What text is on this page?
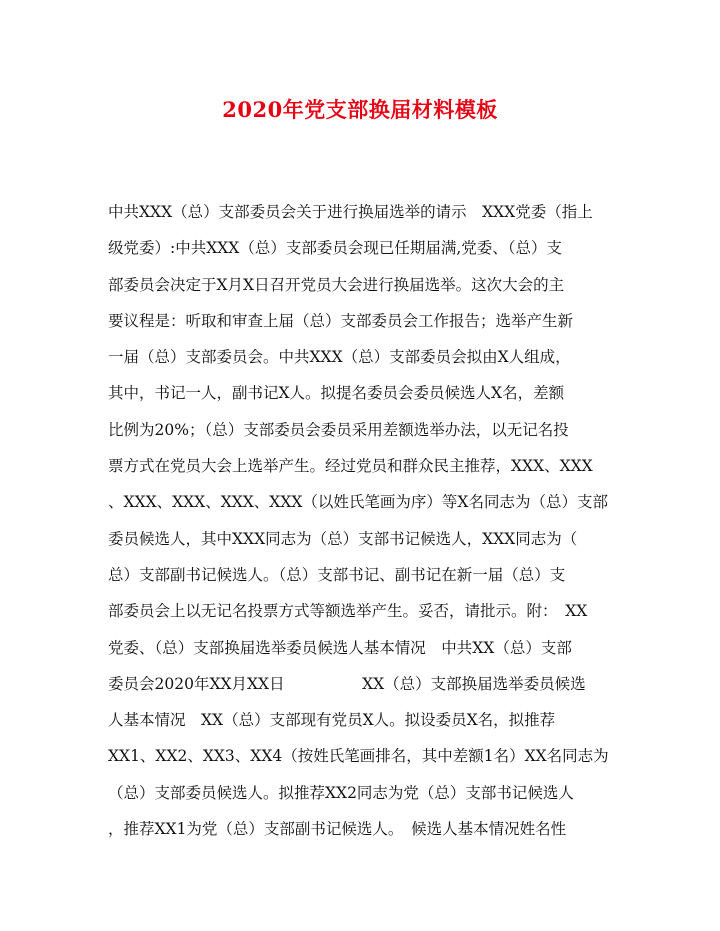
2020年党支部换届材料模板
中共XXX（总）支部委员会关于进行换届选举的请示　XXX党委（指上
级党委）:中共XXX（总）支部委员会现已任期届满,党委、（总）支
部委员会决定于X月X日召开党员大会进行换届选举。这次大会的主
要议程是：听取和审查上届（总）支部委员会工作报告；选举产生新
一届（总）支部委员会。中共XXX（总）支部委员会拟由X人组成，
其中，书记一人，副书记X人。拟提名委员会委员候选人X名，差额
比例为20%；（总）支部委员会委员采用差额选举办法，以无记名投
票方式在党员大会上选举产生。经过党员和群众民主推荐，XXX、XXX
、XXX、XXX、XXX、XXX（以姓氏笔画为序）等X名同志为（总）支部
委员候选人，其中XXX同志为（总）支部书记候选人，XXX同志为（
总）支部副书记候选人。（总）支部书记、副书记在新一届（总）支
部委员会上以无记名投票方式等额选举产生。妥否，请批示。附：　XX
党委、（总）支部换届选举委员候选人基本情况　中共XX（总）支部
委员会2020年XX月XX日　　　　　XX（总）支部换届选举委员候选
人基本情况　XX（总）支部现有党员X人。拟设委员X名，拟推荐
XX1、XX2、XX3、XX4（按姓氏笔画排名，其中差额1名）XX名同志为
（总）支部委员候选人。拟推荐XX2同志为党（总）支部书记候选人
，推荐XX1为党（总）支部副书记候选人。　候选人基本情况姓名性
